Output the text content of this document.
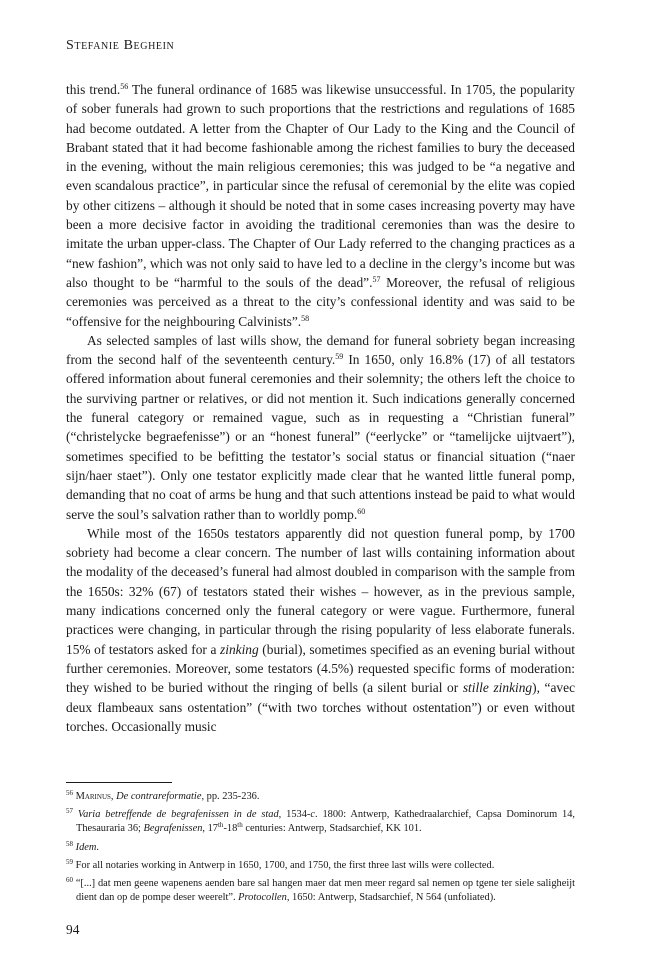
Stefanie Beghein

this trend.$^{56}$ The funeral ordinance of 1685 was likewise unsuccessful. In 1705, the popularity of sober funerals had grown to such proportions that the restrictions and regulations of 1685 had become outdated. A letter from the Chapter of Our Lady to the King and the Council of Brabant stated that it had become fashionable among the richest families to bury the deceased in the evening, without the main religious ceremonies; this was judged to be “a negative and even scandalous practice”, in particular since the refusal of ceremonial by the elite was copied by other citizens – although it should be noted that in some cases increasing poverty may have been a more decisive factor in avoiding the traditional ceremonies than was the desire to imitate the urban upper-class. The Chapter of Our Lady referred to the changing practices as a “new fashion”, which was not only said to have led to a decline in the clergy’s income but was also thought to be “harmful to the souls of the dead”.$^{57}$ Moreover, the refusal of religious ceremonies was perceived as a threat to the city’s confessional identity and was said to be “offensive for the neighbouring Calvinists”.$^{58}$

As selected samples of last wills show, the demand for funeral sobriety began increasing from the second half of the seventeenth century.$^{59}$ In 1650, only 16.8% (17) of all testators offered information about funeral ceremonies and their solemnity; the others left the choice to the surviving partner or relatives, or did not mention it. Such indications generally concerned the funeral category or remained vague, such as in requesting a “Christian funeral” (“christelycke begraefenisse”) or an “honest funeral” (“eerlycke” or “tamelijcke uijtvaert”), sometimes specified to be befitting the testator’s social status or financial situation (“naer sijn/haer staet”). Only one testator explicitly made clear that he wanted little funeral pomp, demanding that no coat of arms be hung and that such attentions instead be paid to what would serve the soul’s salvation rather than to worldly pomp.$^{60}$

While most of the 1650s testators apparently did not question funeral pomp, by 1700 sobriety had become a clear concern. The number of last wills containing information about the modality of the deceased’s funeral had almost doubled in comparison with the sample from the 1650s: 32% (67) of testators stated their wishes – however, as in the previous sample, many indications concerned only the funeral category or were vague. Furthermore, funeral practices were changing, in particular through the rising popularity of less elaborate funerals. 15% of testators asked for a zinking (burial), sometimes specified as an evening burial without further ceremonies. Moreover, some testators (4.5%) requested specific forms of moderation: they wished to be buried without the ringing of bells (a silent burial or stille zinking), “avec deux flambeaux sans ostentation” (“with two torches without ostentation”) or even without torches. Occasionally music

$^{56}$ Marinus, De contrareformatie, pp. 235-236.

$^{57}$ Varia betreffende de begrafenissen in de stad, 1534-c. 1800: Antwerp, Kathedraalarchief, Capsa Dominorum 14, Thesauraria 36; Begrafenissen, 17th-18th centuries: Antwerp, Stadsarchief, KK 101.

$^{58}$ Idem.

$^{59}$ For all notaries working in Antwerp in 1650, 1700, and 1750, the first three last wills were collected.

$^{60}$ “[...] dat men geene wapenens aenden bare sal hangen maer dat men meer regard sal nemen op tgene ter siele saligheijt dient dan op de pompe deser weerelt”. Protocollen, 1650: Antwerp, Stadsarchief, N 564 (unfoliated).

94
